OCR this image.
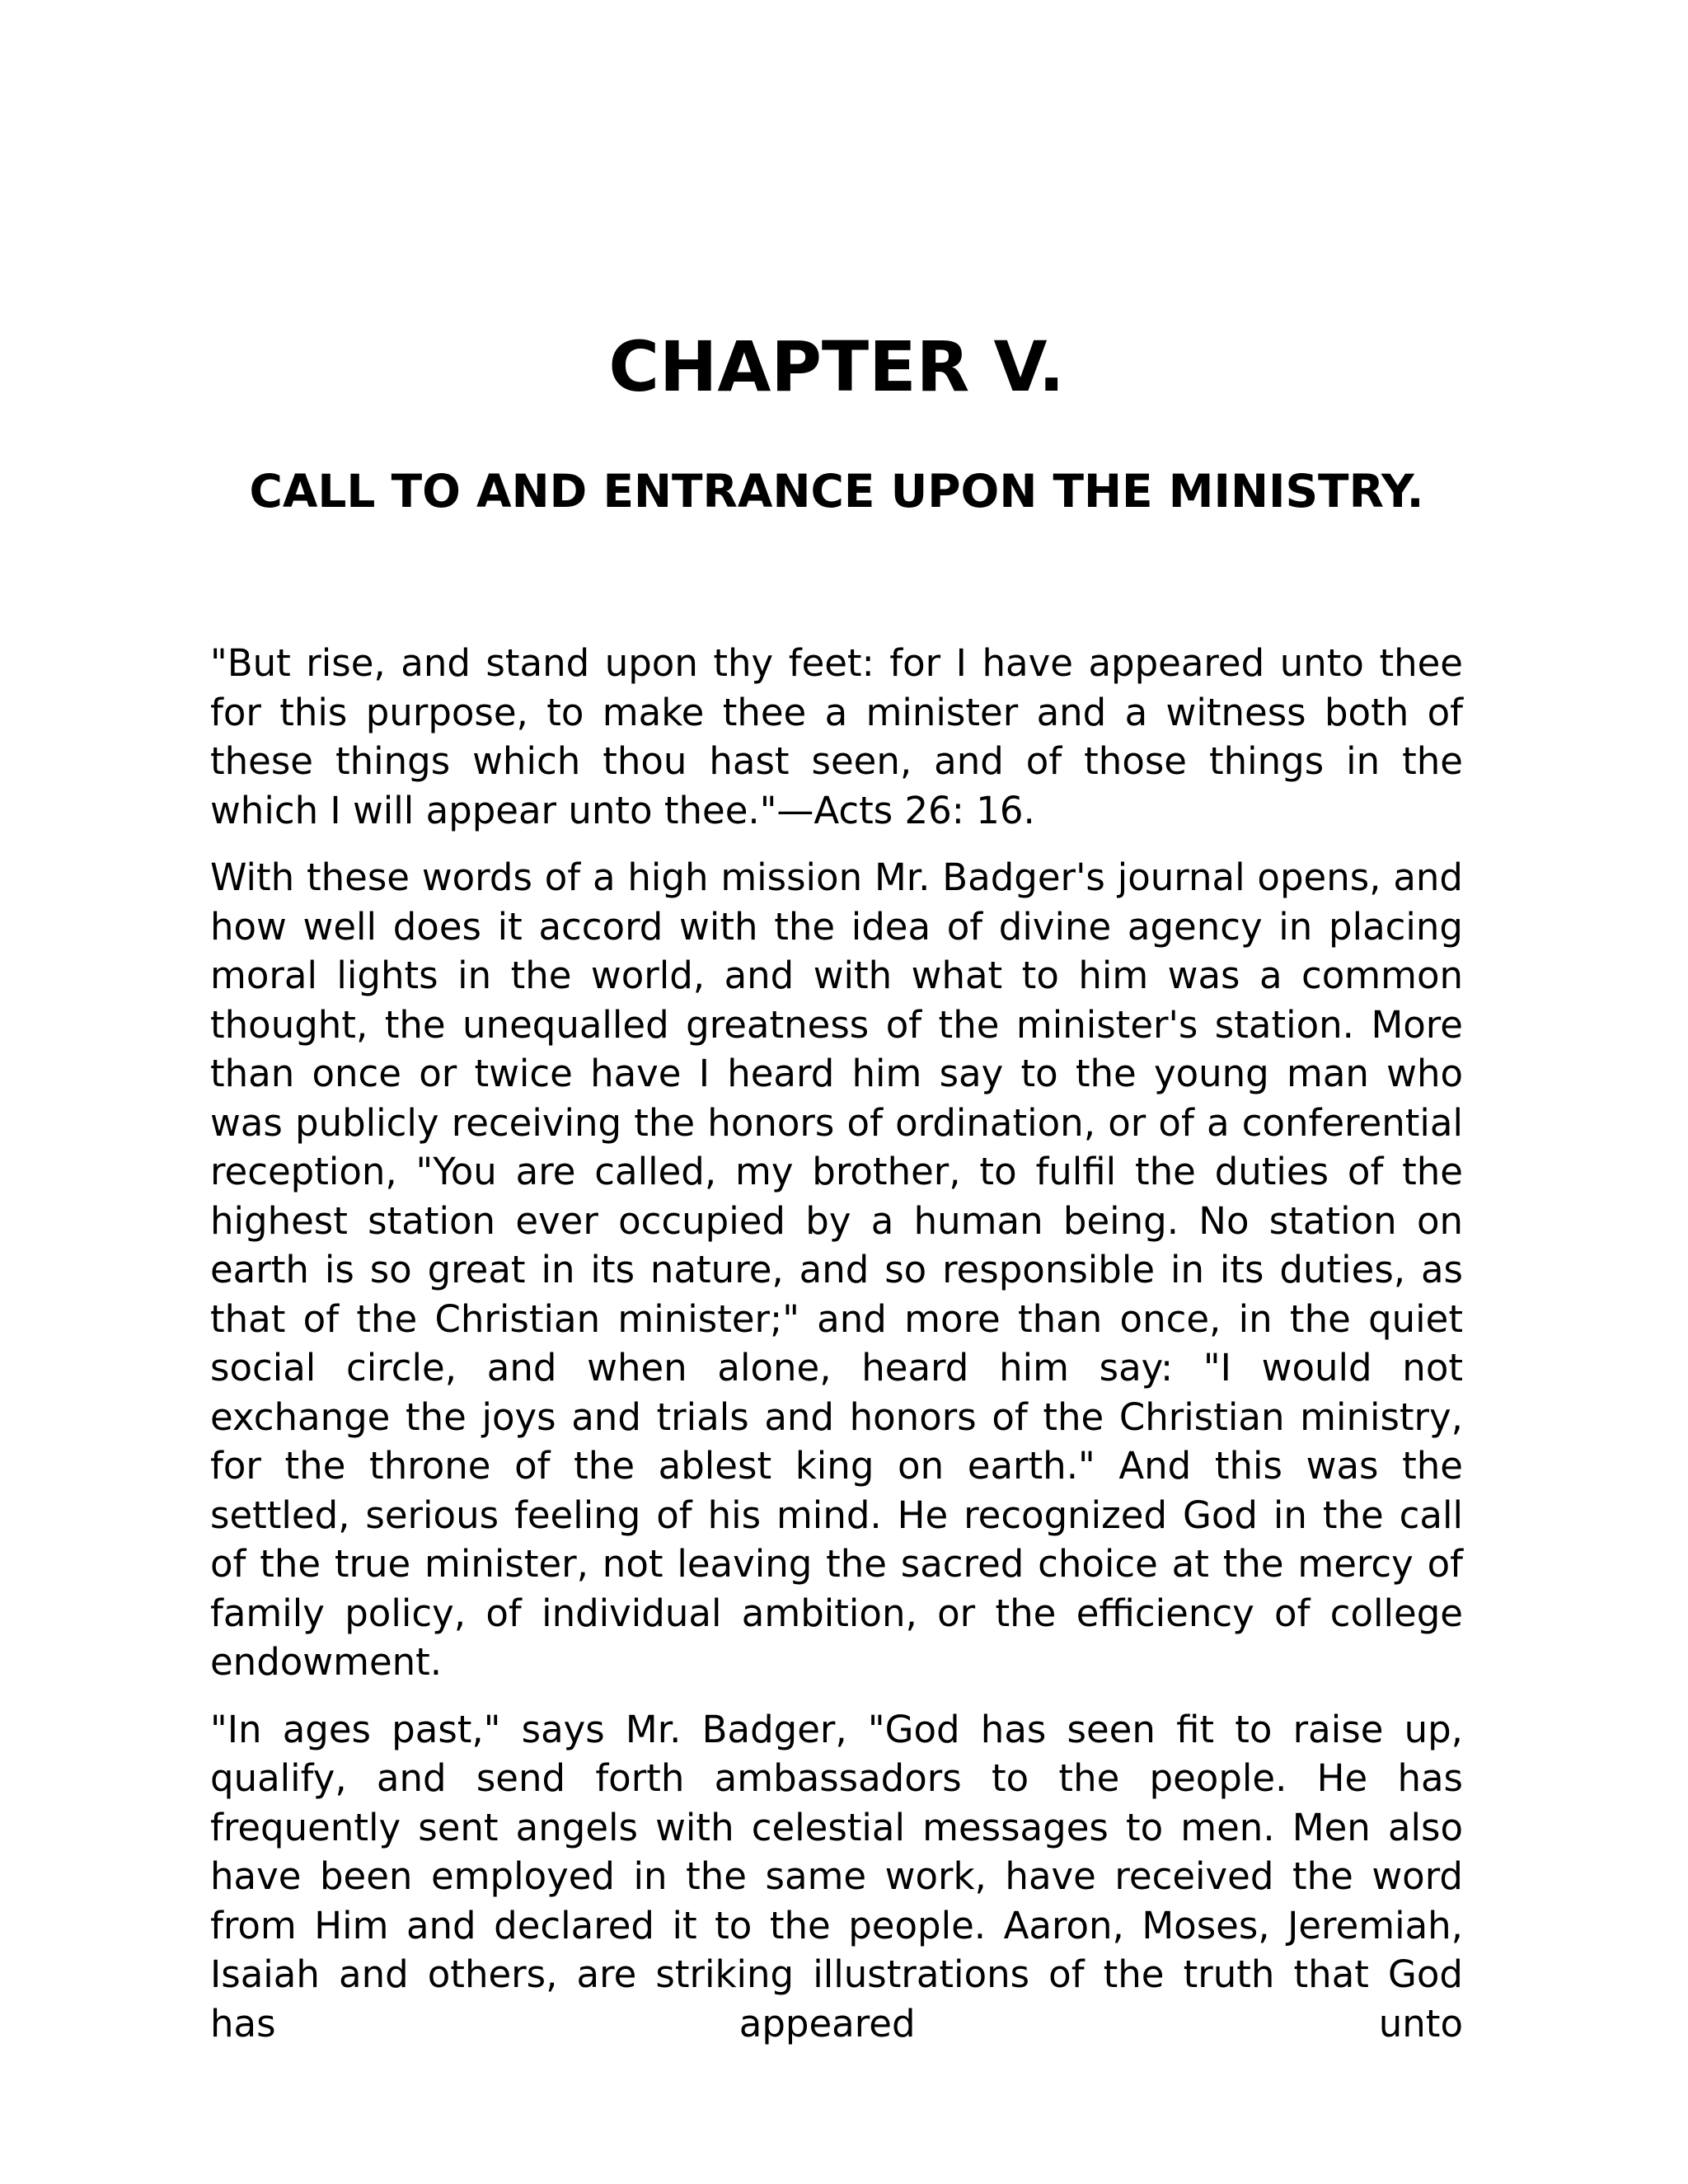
CHAPTER V.
CALL TO AND ENTRANCE UPON THE MINISTRY.

"But rise, and stand upon thy feet: for I have appeared unto thee for this purpose, to make thee a minister and a witness both of these things which thou hast seen, and of those things in the which I will appear unto thee."—Acts 26: 16.

With these words of a high mission Mr. Badger's journal opens, and how well does it accord with the idea of divine agency in placing moral lights in the world, and with what to him was a common thought, the unequalled greatness of the minister's station. More than once or twice have I heard him say to the young man who was publicly receiving the honors of ordination, or of a conferential reception, "You are called, my brother, to fulfil the duties of the highest station ever occupied by a human being. No station on earth is so great in its nature, and so responsible in its duties, as that of the Christian minister;" and more than once, in the quiet social circle, and when alone, heard him say: "I would not exchange the joys and trials and honors of the Christian ministry, for the throne of the ablest king on earth." And this was the settled, serious feeling of his mind. He recognized God in the call of the true minister, not leaving the sacred choice at the mercy of family policy, of individual ambition, or the efficiency of college endowment.

"In ages past," says Mr. Badger, "God has seen fit to raise up, qualify, and send forth ambassadors to the people. He has frequently sent angels with celestial messages to men. Men also have been employed in the same work, have received the word from Him and declared it to the people. Aaron, Moses, Jeremiah, Isaiah and others, are striking illustrations of the truth that God has appeared unto
